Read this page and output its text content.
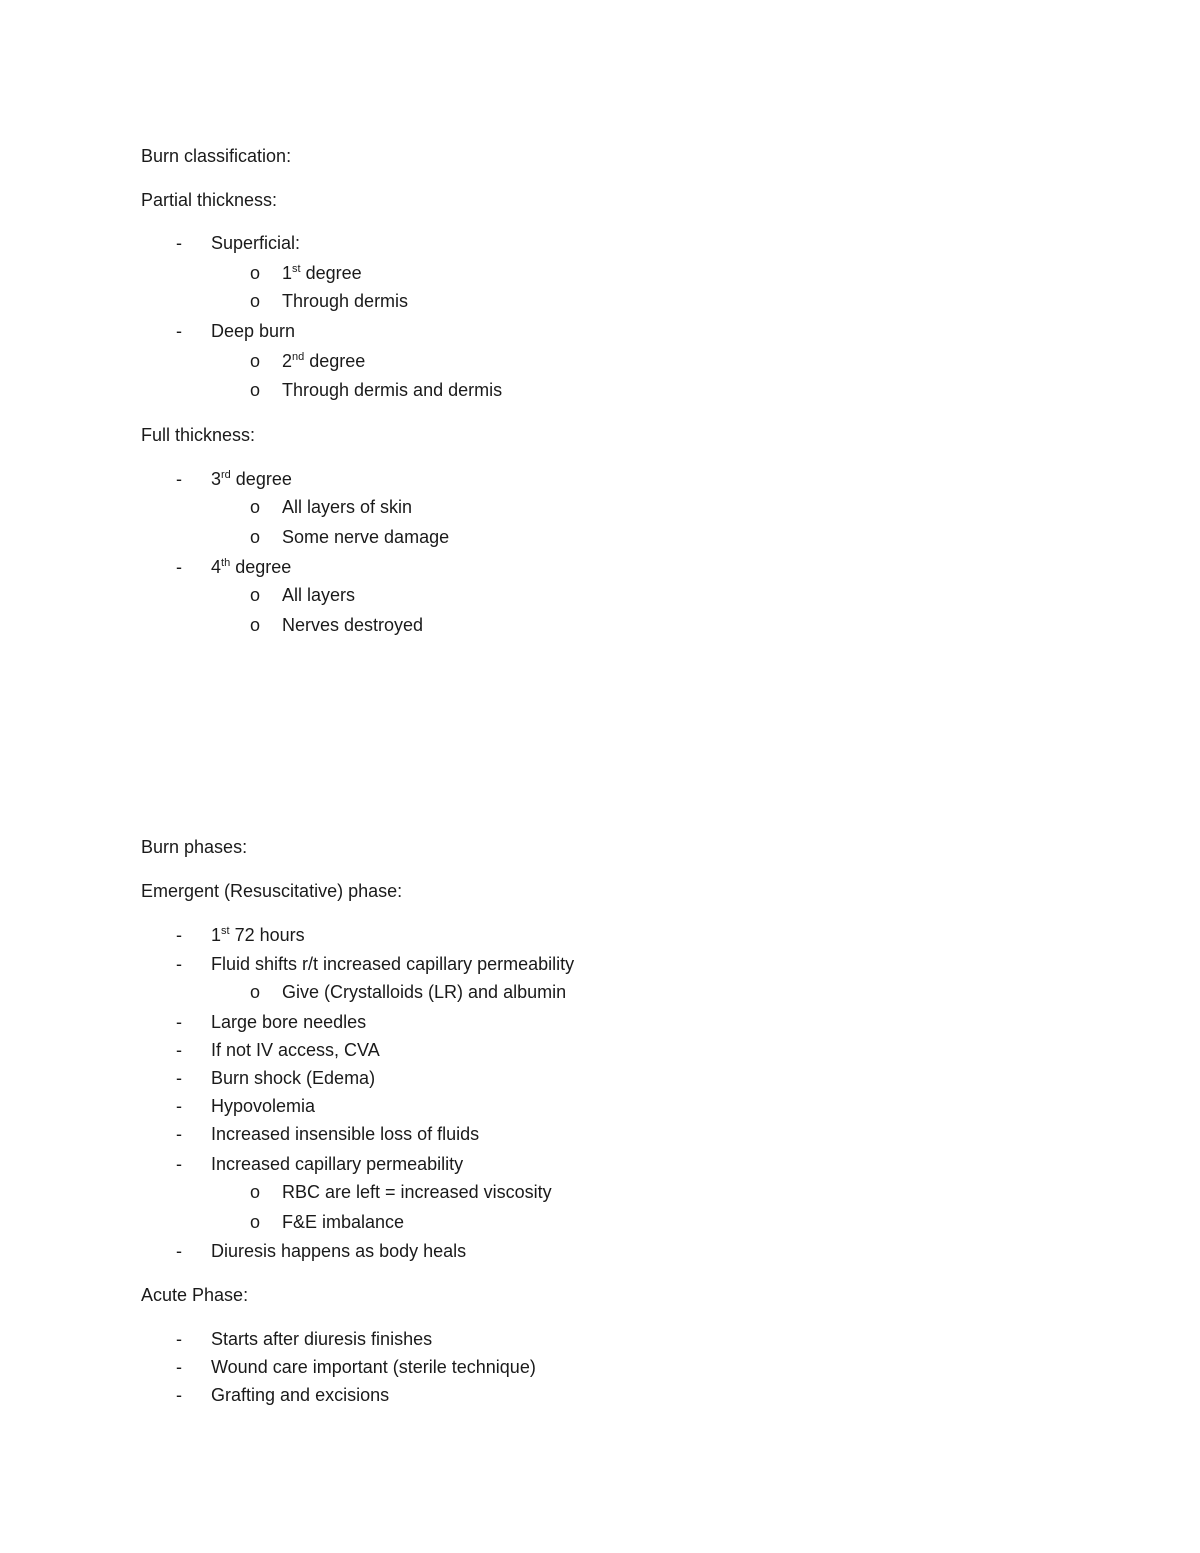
Burn classification:
Partial thickness:
- Superficial:
o 1st degree
o Through dermis
- Deep burn
o 2nd degree
o Through dermis and dermis
Full thickness:
- 3rd degree
o All layers of skin
o Some nerve damage
- 4th degree
o All layers
o Nerves destroyed
Burn phases:
Emergent (Resuscitative) phase:
- 1st 72 hours
- Fluid shifts r/t increased capillary permeability
o Give (Crystalloids (LR) and albumin
- Large bore needles
- If not IV access, CVA
- Burn shock (Edema)
- Hypovolemia
- Increased insensible loss of fluids
- Increased capillary permeability
o RBC are left = increased viscosity
o F&E imbalance
- Diuresis happens as body heals
Acute Phase:
- Starts after diuresis finishes
- Wound care important (sterile technique)
- Grafting and excisions
